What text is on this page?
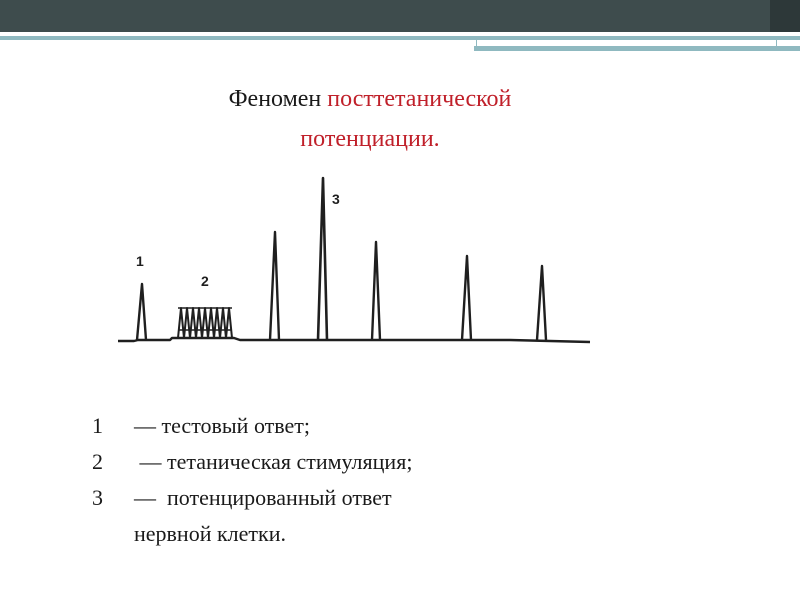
Феномен посттетанической
потенциации.
1
2
3
1 — тестовый ответ;
2 — тетаническая стимуляция;
3 —  потенцированный ответ
нервной клетки.
